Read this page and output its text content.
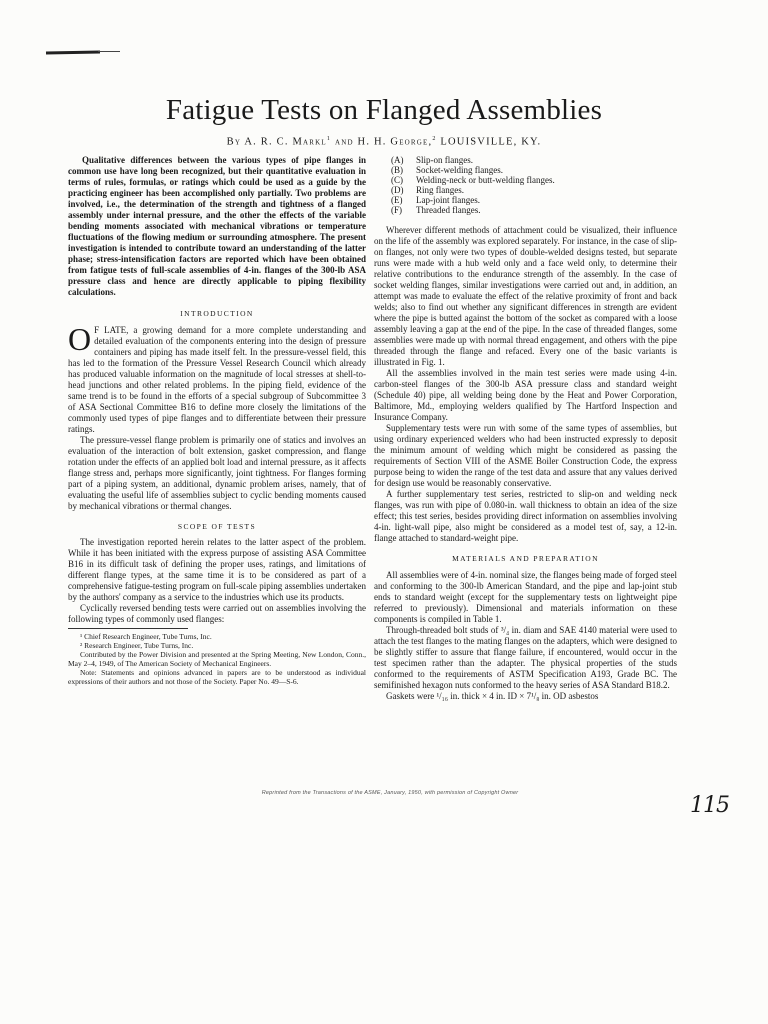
Fatigue Tests on Flanged Assemblies
By A. R. C. Markl$^1$ and H. H. George,$^2$ LOUISVILLE, KY.

Qualitative differences between the various types of pipe flanges in common use have long been recognized, but their quantitative evaluation in terms of rules, formulas, or ratings which could be used as a guide by the practicing engineer has been accomplished only partially. Two problems are involved, i.e., the determination of the strength and tightness of a flanged assembly under internal pressure, and the other the effects of the variable bending moments associated with mechanical vibrations or temperature fluctuations of the flowing medium or surrounding atmosphere. The present investigation is intended to contribute toward an understanding of the latter phase; stress-intensification factors are reported which have been obtained from fatigue tests of full-scale assemblies of 4-in. flanges of the 300-lb ASA pressure class and hence are directly applicable to piping flexibility calculations.

INTRODUCTION

OF LATE, a growing demand for a more complete understanding and detailed evaluation of the components entering into the design of pressure containers and piping has made itself felt. In the pressure-vessel field, this has led to the formation of the Pressure Vessel Research Council which already has produced valuable information on the magnitude of local stresses at shell-to-head junctions and other related problems. In the piping field, evidence of the same trend is to be found in the efforts of a special subgroup of Subcommittee 3 of ASA Sectional Committee B16 to define more closely the limitations of the commonly used types of pipe flanges and to differentiate between their pressure ratings.

The pressure-vessel flange problem is primarily one of statics and involves an evaluation of the interaction of bolt extension, gasket compression, and flange rotation under the effects of an applied bolt load and internal pressure, as it affects flange stress and, perhaps more significantly, joint tightness. For flanges forming part of a piping system, an additional, dynamic problem arises, namely, that of evaluating the useful life of assemblies subject to cyclic bending moments caused by mechanical vibrations or thermal changes.

SCOPE OF TESTS

The investigation reported herein relates to the latter aspect of the problem. While it has been initiated with the express purpose of assisting ASA Committee B16 in its difficult task of defining the proper uses, ratings, and limitations of different flange types, at the same time it is to be considered as part of a comprehensive fatigue-testing program on full-scale piping assemblies undertaken by the authors' company as a service to the industries which use its products.

Cyclically reversed bending tests were carried out on assemblies involving the following types of commonly used flanges:

¹ Chief Research Engineer, Tube Turns, Inc.

² Research Engineer, Tube Turns, Inc.

Contributed by the Power Division and presented at the Spring Meeting, New London, Conn., May 2–4, 1949, of The American Society of Mechanical Engineers.

Note: Statements and opinions advanced in papers are to be understood as individual expressions of their authors and not those of the Society. Paper No. 49—S-6.

(A)	Slip-on flanges.
(B)	Socket-welding flanges.
(C)	Welding-neck or butt-welding flanges.
(D)	Ring flanges.
(E)	Lap-joint flanges.
(F)	Threaded flanges.

Wherever different methods of attachment could be visualized, their influence on the life of the assembly was explored separately. For instance, in the case of slip-on flanges, not only were two types of double-welded designs tested, but separate runs were made with a hub weld only and a face weld only, to determine their relative contributions to the endurance strength of the assembly. In the case of socket welding flanges, similar investigations were carried out and, in addition, an attempt was made to evaluate the effect of the relative proximity of front and back welds; also to find out whether any significant differences in strength are evident where the pipe is butted against the bottom of the socket as compared with a loose assembly leaving a gap at the end of the pipe. In the case of threaded flanges, some assemblies were made up with normal thread engagement, and others with the pipe threaded through the flange and refaced. Every one of the basic variants is illustrated in Fig. 1.

All the assemblies involved in the main test series were made using 4-in. carbon-steel flanges of the 300-lb ASA pressure class and standard weight (Schedule 40) pipe, all welding being done by the Heat and Power Corporation, Baltimore, Md., employing welders qualified by The Hartford Inspection and Insurance Company.

Supplementary tests were run with some of the same types of assemblies, but using ordinary experienced welders who had been instructed expressly to deposit the minimum amount of welding which might be considered as passing the requirements of Section VIII of the ASME Boiler Construction Code, the express purpose being to widen the range of the test data and assure that any values derived for design use would be reasonably conservative.

A further supplementary test series, restricted to slip-on and welding neck flanges, was run with pipe of 0.080-in. wall thickness to obtain an idea of the size effect; this test series, besides providing direct information on assemblies involving 4-in. light-wall pipe, also might be considered as a model test of, say, a 12-in. flange attached to standard-weight pipe.

MATERIALS AND PREPARATION

All assemblies were of 4-in. nominal size, the flanges being made of forged steel and conforming to the 300-lb American Standard, and the pipe and lap-joint stub ends to standard weight (except for the supplementary tests on lightweight pipe referred to previously). Dimensional and materials information on these components is compiled in Table 1.

Through-threaded bolt studs of ³/₄ in. diam and SAE 4140 material were used to attach the test flanges to the mating flanges on the adapters, which were designed to be slightly stiffer to assure that flange failure, if encountered, would occur in the test specimen rather than the adapter. The physical properties of the studs conformed to the requirements of ASTM Specification A193, Grade BC. The semifinished hexagon nuts conformed to the heavy series of ASA Standard B18.2.

Gaskets were ¹/₁₆ in. thick × 4 in. ID × 7¹/₈ in. OD asbestos

Reprinted from the Transactions of the ASME, January, 1950, with permission of Copyright Owner	115
